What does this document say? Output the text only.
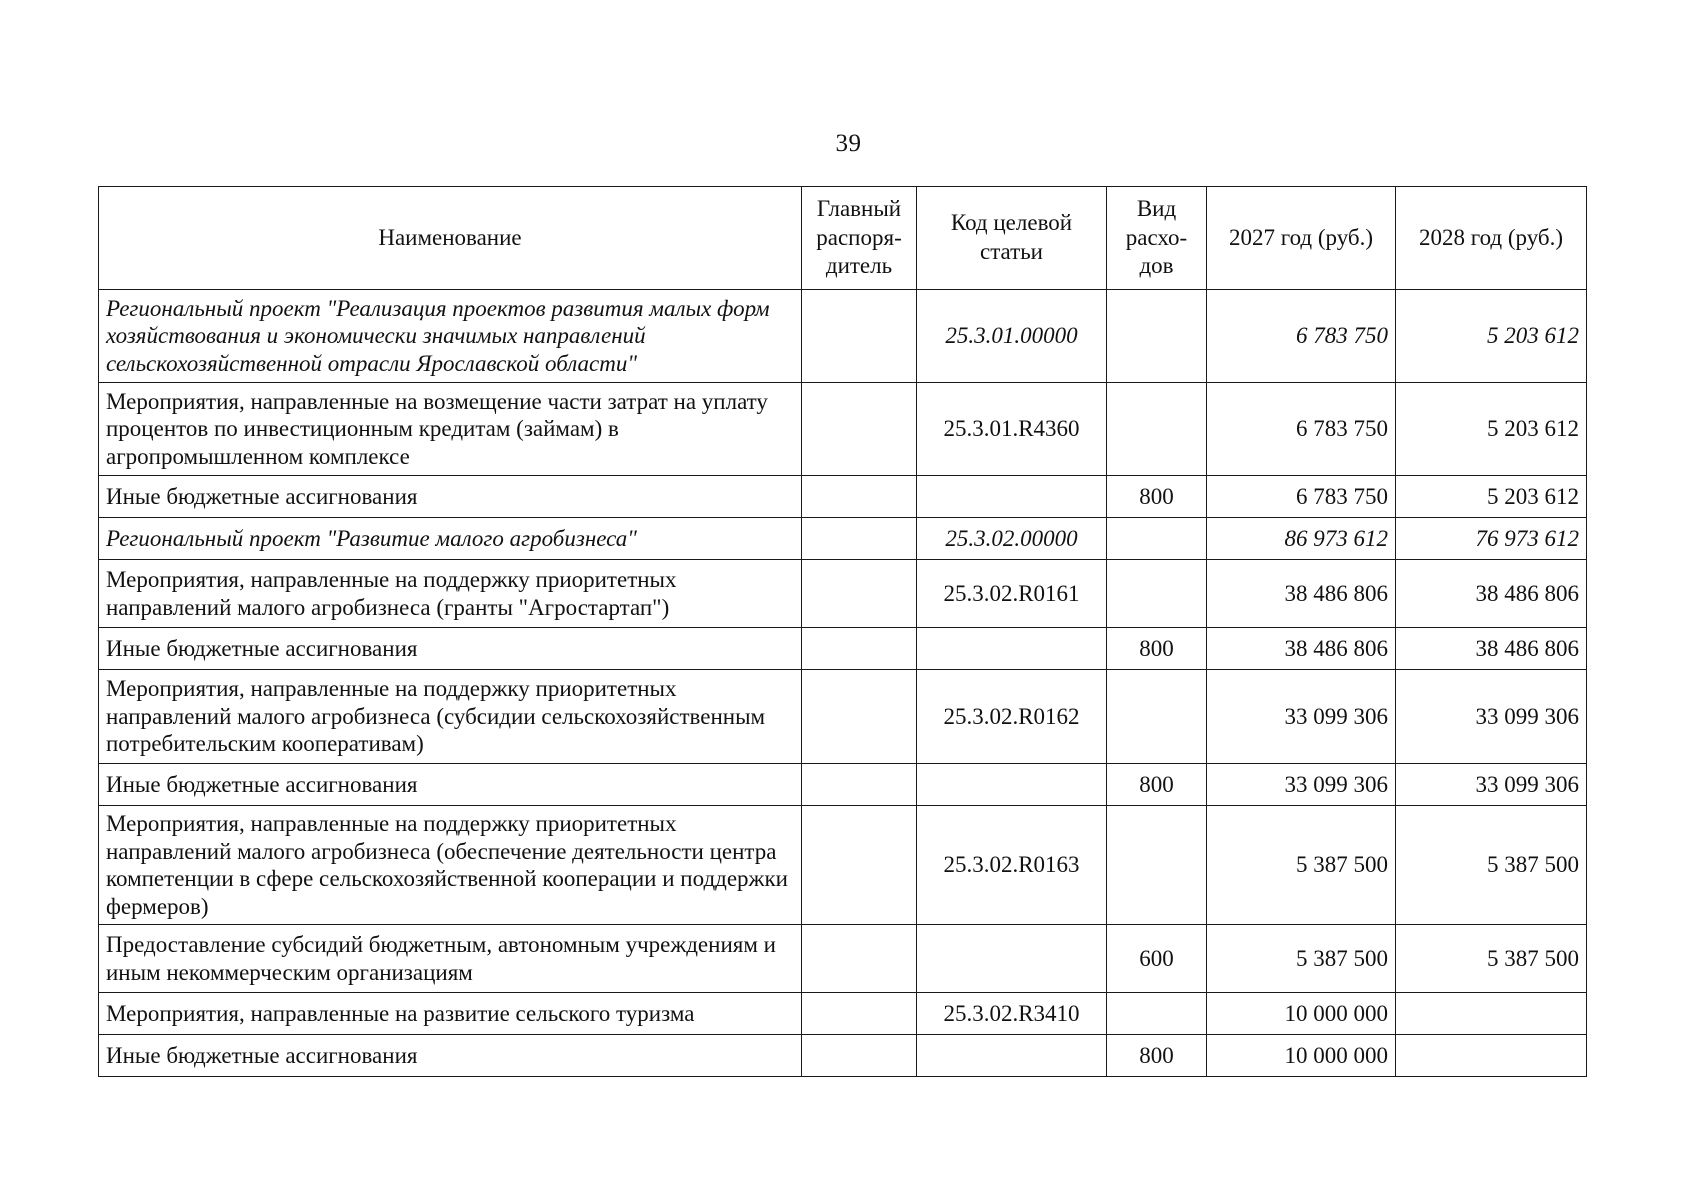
39
Наименование	Главный распоря-дитель	Код целевой статьи	Вид расхо-дов	2027 год (руб.)	2028 год (руб.)
Региональный проект "Реализация проектов развития малых форм хозяйствования и экономически значимых направлений сельскохозяйственной отрасли Ярославской области"		25.3.01.00000		6 783 750	5 203 612
Мероприятия, направленные на возмещение части затрат на уплату процентов по инвестиционным кредитам (займам) в агропромышленном комплексе		25.3.01.R4360		6 783 750	5 203 612
Иные бюджетные ассигнования			800	6 783 750	5 203 612
Региональный проект "Развитие малого агробизнеса"		25.3.02.00000		86 973 612	76 973 612
Мероприятия, направленные на поддержку приоритетных направлений малого агробизнеса (гранты "Агростартап")		25.3.02.R0161		38 486 806	38 486 806
Иные бюджетные ассигнования			800	38 486 806	38 486 806
Мероприятия, направленные на поддержку приоритетных направлений малого агробизнеса (субсидии сельскохозяйственным потребительским кооперативам)		25.3.02.R0162		33 099 306	33 099 306
Иные бюджетные ассигнования			800	33 099 306	33 099 306
Мероприятия, направленные на поддержку приоритетных направлений малого агробизнеса (обеспечение деятельности центра компетенции в сфере сельскохозяйственной кооперации и поддержки фермеров)		25.3.02.R0163		5 387 500	5 387 500
Предоставление субсидий бюджетным, автономным учреждениям и иным некоммерческим организациям			600	5 387 500	5 387 500
Мероприятия, направленные на развитие сельского туризма		25.3.02.R3410		10 000 000	
Иные бюджетные ассигнования			800	10 000 000	
